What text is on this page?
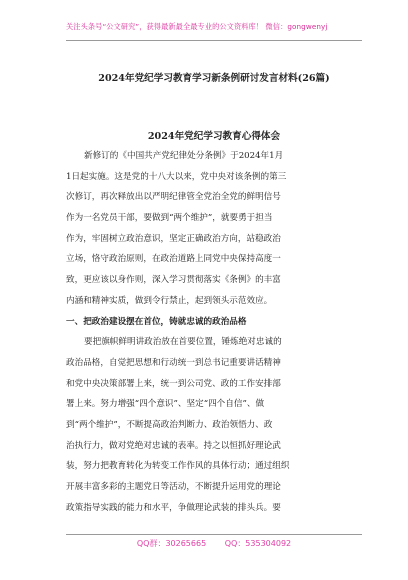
关注头条号“公文研究”，获得最新最全最专业的公文资料库！ 微信：gongwenyj
2024年党纪学习教育学习新条例研讨发言材料(26篇)
2024年党纪学习教育心得体会
新修订的《中国共产党纪律处分条例》于2024年1月
1日起实施。这是党的十八大以来，党中央对该条例的第三
次修订，再次释放出以严明纪律管全党治全党的鲜明信号
作为一名党员干部，要做到“两个维护”，就要勇于担当
作为，牢固树立政治意识，坚定正确政治方向，站稳政治
立场，恪守政治原则，在政治道路上同党中央保持高度一
致，更应该以身作则，深入学习贯彻落实《条例》的丰富
内涵和精神实质，做到令行禁止，起到领头示范效应。
一、把政治建设摆在首位，铸就忠诚的政治品格
要把旗帜鲜明讲政治放在首要位置，锤炼绝对忠诚的
政治品格，自觉把思想和行动统一到总书记重要讲话精神
和党中央决策部署上来，统一到公司党、政的工作安排部
署上来。努力增强“四个意识”、坚定“四个自信”、做
到“两个维护”，不断提高政治判断力、政治领悟力、政
治执行力，做对党绝对忠诚的表率。持之以恒抓好理论武
装，努力把教育转化为转变工作作风的具体行动；通过组织
开展丰富多彩的主题党日等活动，不断提升运用党的理论
政策指导实践的能力和水平，争做理论武装的排头兵。要
QQ群：30265665 QQ：535304092
